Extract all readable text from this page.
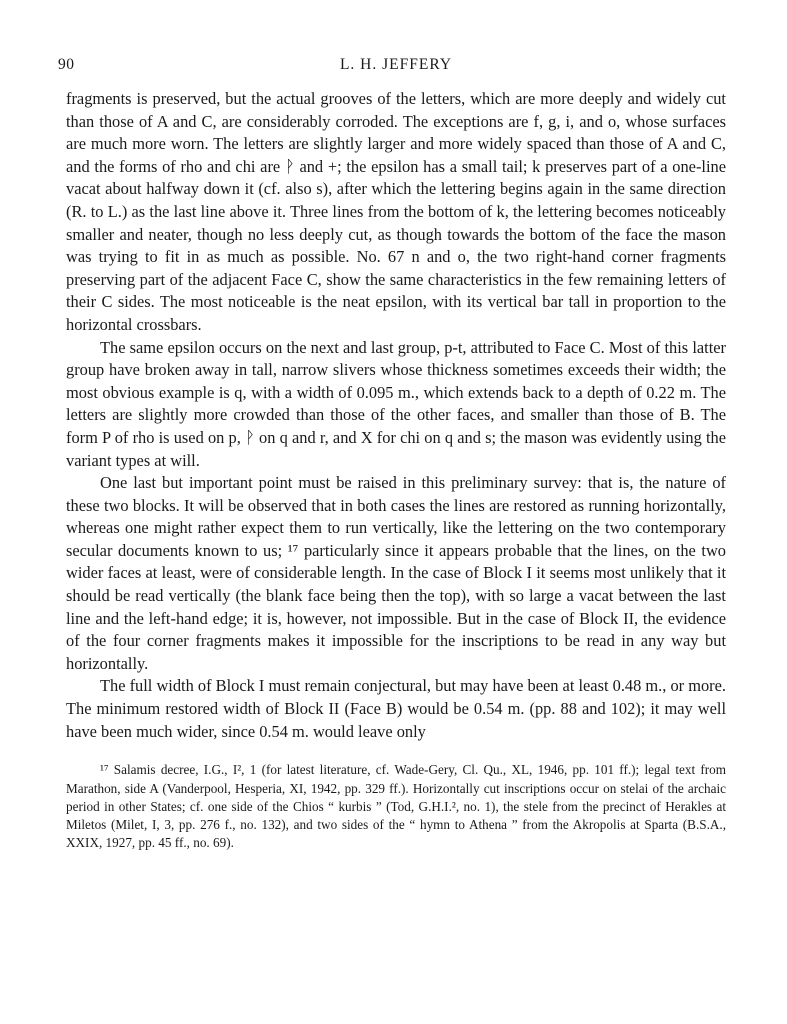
90	L. H. JEFFERY

fragments is preserved, but the actual grooves of the letters, which are more deeply and widely cut than those of A and C, are considerably corroded. The exceptions are f, g, i, and o, whose surfaces are much more worn. The letters are slightly larger and more widely spaced than those of A and C, and the forms of rho and chi are ᚹ and +; the epsilon has a small tail; k preserves part of a one-line vacat about halfway down it (cf. also s), after which the lettering begins again in the same direction (R. to L.) as the last line above it. Three lines from the bottom of k, the lettering becomes noticeably smaller and neater, though no less deeply cut, as though towards the bottom of the face the mason was trying to fit in as much as possible. No. 67 n and o, the two right-hand corner fragments preserving part of the adjacent Face C, show the same characteristics in the few remaining letters of their C sides. The most noticeable is the neat epsilon, with its vertical bar tall in proportion to the horizontal crossbars.

The same epsilon occurs on the next and last group, p-t, attributed to Face C. Most of this latter group have broken away in tall, narrow slivers whose thickness sometimes exceeds their width; the most obvious example is q, with a width of 0.095 m., which extends back to a depth of 0.22 m. The letters are slightly more crowded than those of the other faces, and smaller than those of B. The form P of rho is used on p, ᚹ on q and r, and X for chi on q and s; the mason was evidently using the variant types at will.

One last but important point must be raised in this preliminary survey: that is, the nature of these two blocks. It will be observed that in both cases the lines are restored as running horizontally, whereas one might rather expect them to run vertically, like the lettering on the two contemporary secular documents known to us; ¹⁷ particularly since it appears probable that the lines, on the two wider faces at least, were of considerable length. In the case of Block I it seems most unlikely that it should be read vertically (the blank face being then the top), with so large a vacat between the last line and the left-hand edge; it is, however, not impossible. But in the case of Block II, the evidence of the four corner fragments makes it impossible for the inscriptions to be read in any way but horizontally.

The full width of Block I must remain conjectural, but may have been at least 0.48 m., or more. The minimum restored width of Block II (Face B) would be 0.54 m. (pp. 88 and 102); it may well have been much wider, since 0.54 m. would leave only

¹⁷ Salamis decree, I.G., I², 1 (for latest literature, cf. Wade-Gery, Cl. Qu., XL, 1946, pp. 101 ff.); legal text from Marathon, side A (Vanderpool, Hesperia, XI, 1942, pp. 329 ff.). Horizontally cut inscriptions occur on stelai of the archaic period in other States; cf. one side of the Chios “ kurbis ” (Tod, G.H.I.², no. 1), the stele from the precinct of Herakles at Miletos (Milet, I, 3, pp. 276 f., no. 132), and two sides of the “ hymn to Athena ” from the Akropolis at Sparta (B.S.A., XXIX, 1927, pp. 45 ff., no. 69).
